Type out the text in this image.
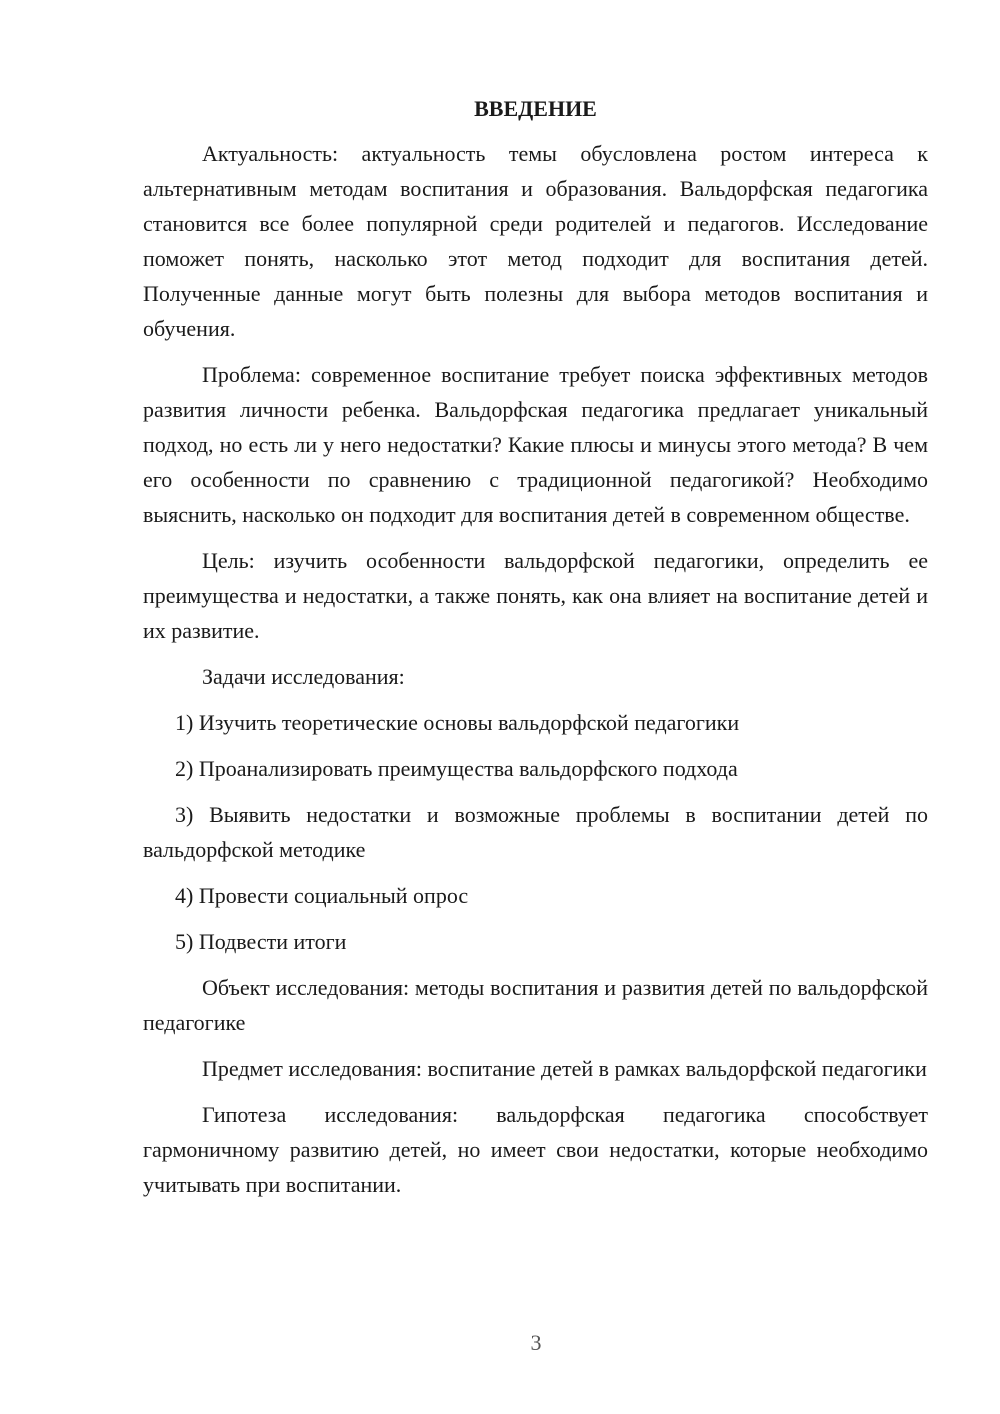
ВВЕДЕНИЕ

Актуальность: актуальность темы обусловлена ростом интереса к альтернативным методам воспитания и образования. Вальдорфская педагогика становится все более популярной среди родителей и педагогов. Исследование поможет понять, насколько этот метод подходит для воспитания детей. Полученные данные могут быть полезны для выбора методов воспитания и обучения.

Проблема: современное воспитание требует поиска эффективных методов развития личности ребенка. Вальдорфская педагогика предлагает уникальный подход, но есть ли у него недостатки? Какие плюсы и минусы этого метода? В чем его особенности по сравнению с традиционной педагогикой? Необходимо выяснить, насколько он подходит для воспитания детей в современном обществе.

Цель: изучить особенности вальдорфской педагогики, определить ее преимущества и недостатки, а также понять, как она влияет на воспитание детей и их развитие.

Задачи исследования:

1) Изучить теоретические основы вальдорфской педагогики

2) Проанализировать преимущества вальдорфского подхода

3) Выявить недостатки и возможные проблемы в воспитании детей по вальдорфской методике

4) Провести социальный опрос

5) Подвести итоги

Объект исследования: методы воспитания и развития детей по вальдорфской педагогике

Предмет исследования: воспитание детей в рамках вальдорфской педагогики

Гипотеза исследования: вальдорфская педагогика способствует гармоничному развитию детей, но имеет свои недостатки, которые необходимо учитывать при воспитании.

3
